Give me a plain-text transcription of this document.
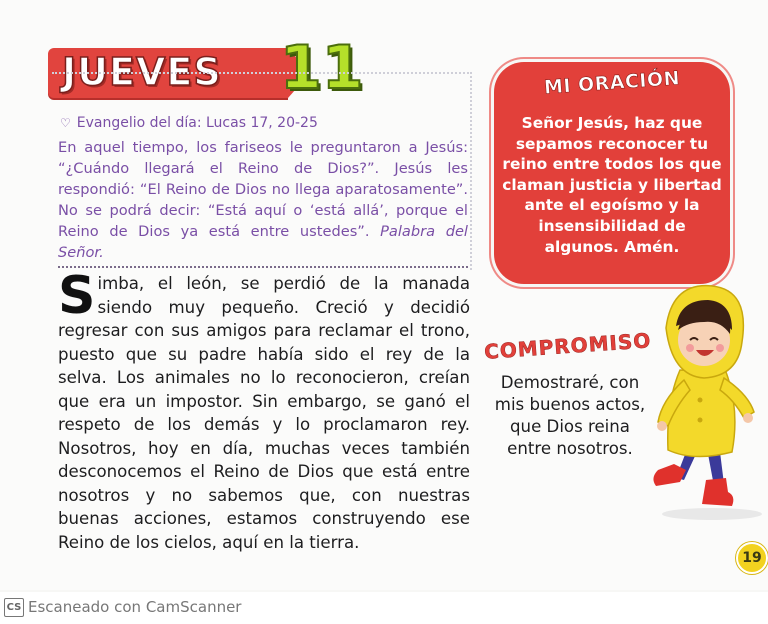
JUEVES 11
♡ Evangelio del día: Lucas 17, 20-25
En aquel tiempo, los fariseos le preguntaron a Jesús: “¿Cuándo llegará el Reino de Dios?”. Jesús les respondió: “El Reino de Dios no llega aparatosamente”. No se podrá decir: “Está aquí o ‘está allá’, porque el Reino de Dios ya está entre ustedes”. Palabra del Señor.
Simba, el león, se perdió de la manada siendo muy pequeño. Creció y decidió regresar con sus amigos para reclamar el trono, puesto que su padre había sido el rey de la selva. Los animales no lo reconocieron, creían que era un impostor. Sin embargo, se ganó el respeto de los demás y lo proclamaron rey. Nosotros, hoy en día, muchas veces también desconocemos el Reino de Dios que está entre nosotros y no sabemos que, con nuestras buenas acciones, estamos construyendo ese Reino de los cielos, aquí en la tierra.
MI ORACIÓN
Señor Jesús, haz que sepamos reconocer tu reino entre todos los que claman justicia y libertad ante el egoísmo y la insensibilidad de algunos. Amén.
COMPROMISO
Demostraré, con mis buenos actos, que Dios reina entre nosotros.
19
CS Escaneado con CamScanner
